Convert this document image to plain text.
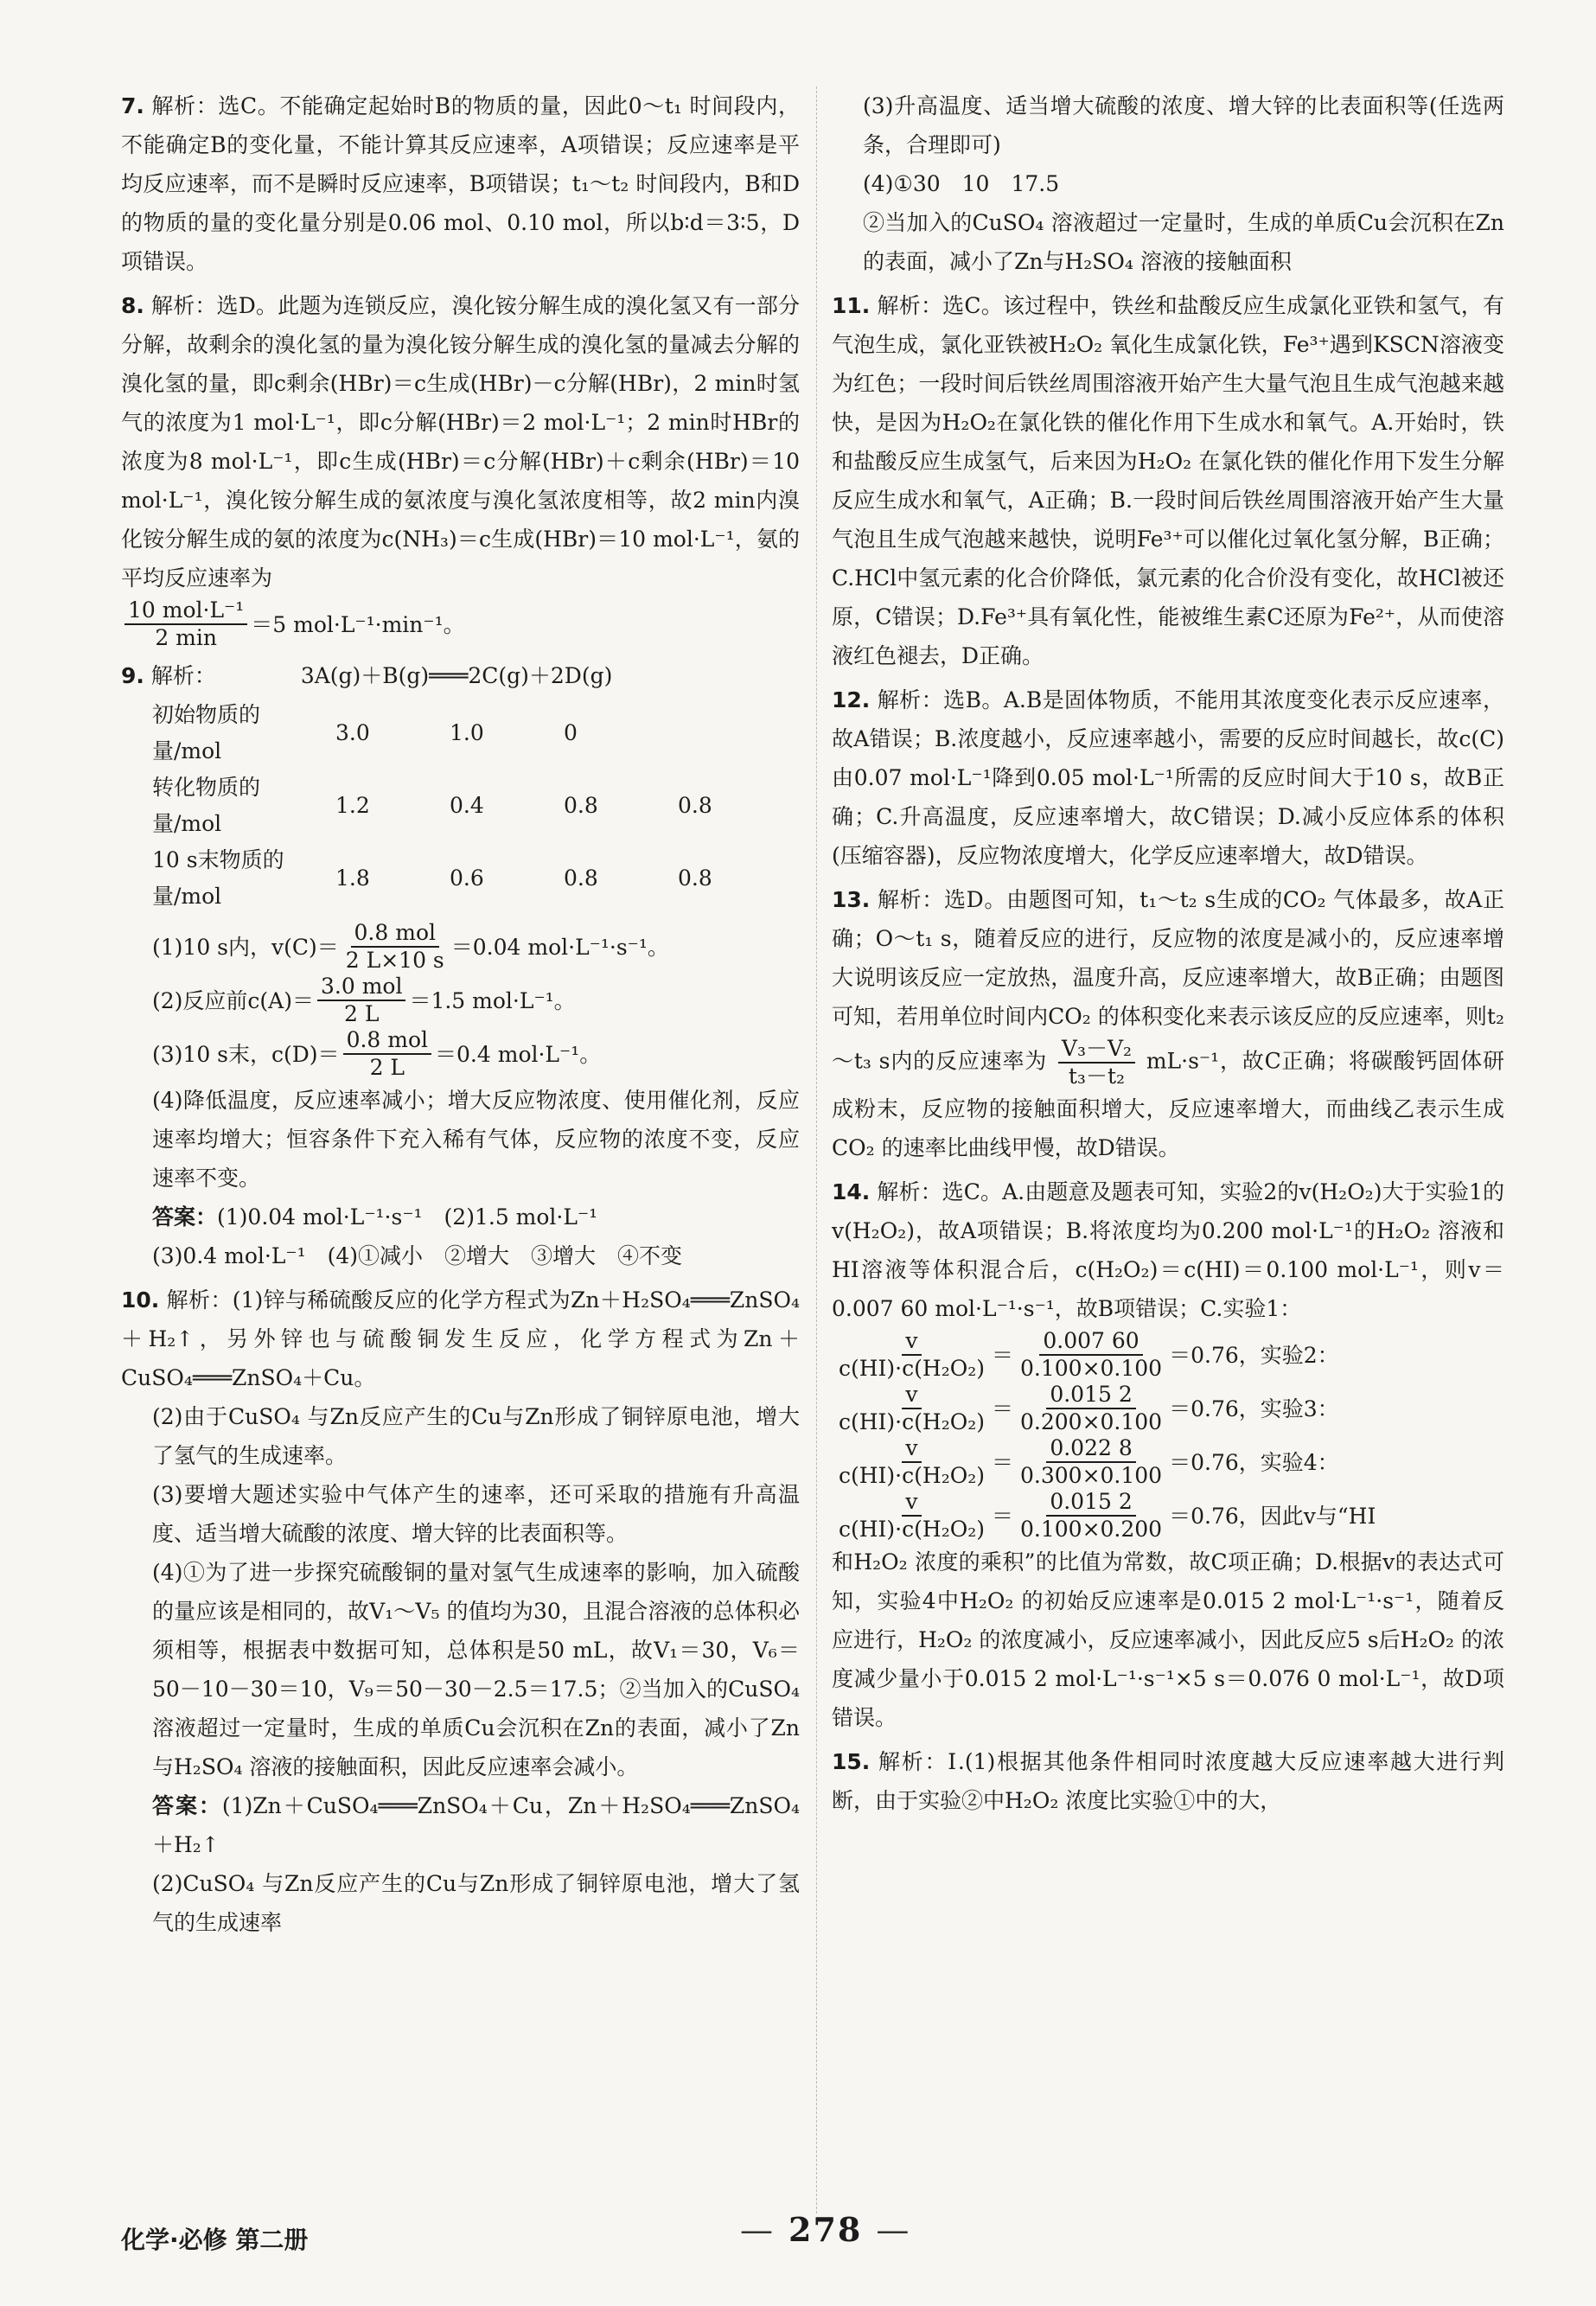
7. 解析：选C。不能确定起始时B的物质的量，因此0～t₁ 时间段内，不能确定B的变化量，不能计算其反应速率，A项错误；反应速率是平均反应速率，而不是瞬时反应速率，B项错误；t₁～t₂ 时间段内，B和D的物质的量的变化量分别是0.06 mol、0.10 mol，所以b∶d＝3∶5，D项错误。

8. 解析：选D。此题为连锁反应，溴化铵分解生成的溴化氢又有一部分分解，故剩余的溴化氢的量为溴化铵分解生成的溴化氢的量减去分解的溴化氢的量，即c剩余(HBr)＝c生成(HBr)－c分解(HBr)，2 min时氢气的浓度为1 mol·L⁻¹，即c分解(HBr)＝2 mol·L⁻¹；2 min时HBr的浓度为8 mol·L⁻¹，即c生成(HBr)＝c分解(HBr)＋c剩余(HBr)＝10 mol·L⁻¹，溴化铵分解生成的氨浓度与溴化氢浓度相等，故2 min内溴化铵分解生成的氨的浓度为c(NH₃)＝c生成(HBr)＝10 mol·L⁻¹，氨的平均反应速率为

$\frac{\text{10 mol·L⁻¹}}{2 \min} =5$ mol·L⁻¹·min⁻¹。

9. 解析：	3A(g)＋B(g)═══2C(g)＋2D(g)

初始物质的量/mol	3.0	1.0	0	
转化物质的量/mol	1.2	0.4	0.8	0.8
10 s末物质的量/mol	1.8	0.6	0.8	0.8
(1)10 s内，$v(C)= \frac{\text{0.8 mol}}{2 L\times 10 s} =0.04$ mol·L⁻¹·s⁻¹。
(2)反应前$c(A)= \frac{\text{3.0 mol}}{2 L} =1.5$ mol·L⁻¹。
(3)10 s末，$c(D)= \frac{\text{0.8 mol}}{2 L} =0.4$ mol·L⁻¹。

(4)降低温度，反应速率减小；增大反应物浓度、使用催化剂，反应速率均增大；恒容条件下充入稀有气体，反应物的浓度不变，反应速率不变。

答案：(1)0.04 mol·L⁻¹·s⁻¹　(2)1.5 mol·L⁻¹

(3)0.4 mol·L⁻¹　(4)①减小　②增大　③增大　④不变

10. 解析：(1)锌与稀硫酸反应的化学方程式为Zn＋H₂SO₄═══ZnSO₄＋H₂↑，另外锌也与硫酸铜发生反应，化学方程式为Zn＋CuSO₄═══ZnSO₄＋Cu。

(2)由于CuSO₄ 与Zn反应产生的Cu与Zn形成了铜锌原电池，增大了氢气的生成速率。

(3)要增大题述实验中气体产生的速率，还可采取的措施有升高温度、适当增大硫酸的浓度、增大锌的比表面积等。

(4)①为了进一步探究硫酸铜的量对氢气生成速率的影响，加入硫酸的量应该是相同的，故V₁～V₅ 的值均为30，且混合溶液的总体积必须相等，根据表中数据可知，总体积是50 mL，故V₁＝30，V₆＝50－10－30＝10，V₉＝50－30－2.5＝17.5；②当加入的CuSO₄ 溶液超过一定量时，生成的单质Cu会沉积在Zn的表面，减小了Zn与H₂SO₄ 溶液的接触面积，因此反应速率会减小。

答案：(1)Zn＋CuSO₄═══ZnSO₄＋Cu，Zn＋H₂SO₄═══ZnSO₄＋H₂↑

(2)CuSO₄ 与Zn反应产生的Cu与Zn形成了铜锌原电池，增大了氢气的生成速率

(3)升高温度、适当增大硫酸的浓度、增大锌的比表面积等(任选两条，合理即可)

(4)①30　10　17.5

②当加入的CuSO₄ 溶液超过一定量时，生成的单质Cu会沉积在Zn的表面，减小了Zn与H₂SO₄ 溶液的接触面积

11. 解析：选C。该过程中，铁丝和盐酸反应生成氯化亚铁和氢气，有气泡生成，氯化亚铁被H₂O₂ 氧化生成氯化铁，Fe³⁺遇到KSCN溶液变为红色；一段时间后铁丝周围溶液开始产生大量气泡且生成气泡越来越快，是因为H₂O₂在氯化铁的催化作用下生成水和氧气。A.开始时，铁和盐酸反应生成氢气，后来因为H₂O₂ 在氯化铁的催化作用下发生分解反应生成水和氧气，A正确；B.一段时间后铁丝周围溶液开始产生大量气泡且生成气泡越来越快，说明Fe³⁺可以催化过氧化氢分解，B正确；C.HCl中氢元素的化合价降低，氯元素的化合价没有变化，故HCl被还原，C错误；D.Fe³⁺具有氧化性，能被维生素C还原为Fe²⁺，从而使溶液红色褪去，D正确。

12. 解析：选B。A.B是固体物质，不能用其浓度变化表示反应速率，故A错误；B.浓度越小，反应速率越小，需要的反应时间越长，故c(C)由0.07 mol·L⁻¹降到0.05 mol·L⁻¹所需的反应时间大于10 s，故B正确；C.升高温度，反应速率增大，故C错误；D.减小反应体系的体积(压缩容器)，反应物浓度增大，化学反应速率增大，故D错误。

13. 解析：选D。由题图可知，t₁～t₂ s生成的CO₂ 气体最多，故A正确；O～t₁ s，随着反应的进行，反应物的浓度是减小的，反应速率增大说明该反应一定放热，温度升高，反应速率增大，故B正确；由题图可知，若用单位时间内CO₂ 的体积变化来表示该反应的反应速率，则t₂～t₃ s内的反应速率为 $\frac{\text{V₃－V₂}}{\text{t₃－t₂}} mL\cdot s^{-1}$，故C正确；将碳酸钙固体研成粉末，反应物的接触面积增大，反应速率增大，而曲线乙表示生成CO₂ 的速率比曲线甲慢，故D错误。

14. 解析：选C。A.由题意及题表可知，实验2的v(H₂O₂)大于实验1的v(H₂O₂)，故A项错误；B.将浓度均为0.200 mol·L⁻¹的H₂O₂ 溶液和HI溶液等体积混合后，c(H₂O₂)＝c(HI)＝0.100 mol·L⁻¹，则v＝0.007 60 mol·L⁻¹·s⁻¹，故B项错误；C.实验1：

$\frac{v}{\text{c(HI)·c(H₂O₂)}} = \frac{0.007 60}{0.100\times 0.100} =0.76$，实验2：
$\frac{v}{\text{c(HI)·c(H₂O₂)}} = \frac{0.015 2}{0.200\times 0.100} =0.76$，实验3：
$\frac{v}{\text{c(HI)·c(H₂O₂)}} = \frac{0.022 8}{0.300\times 0.100} =0.76$，实验4：
$\frac{v}{\text{c(HI)·c(H₂O₂)}} = \frac{0.015 2}{0.100\times 0.200} =0.76$，因此v与“HI

和H₂O₂ 浓度的乘积”的比值为常数，故C项正确；D.根据v的表达式可知，实验4中H₂O₂ 的初始反应速率是0.015 2 mol·L⁻¹·s⁻¹，随着反应进行，H₂O₂ 的浓度减小，反应速率减小，因此反应5 s后H₂O₂ 的浓度减少量小于0.015 2 mol·L⁻¹·s⁻¹×5 s＝0.076 0 mol·L⁻¹，故D项错误。

15. 解析：Ⅰ.(1)根据其他条件相同时浓度越大反应速率越大进行判断，由于实验②中H₂O₂ 浓度比实验①中的大，

化学·必修 第二册	— 278 —
